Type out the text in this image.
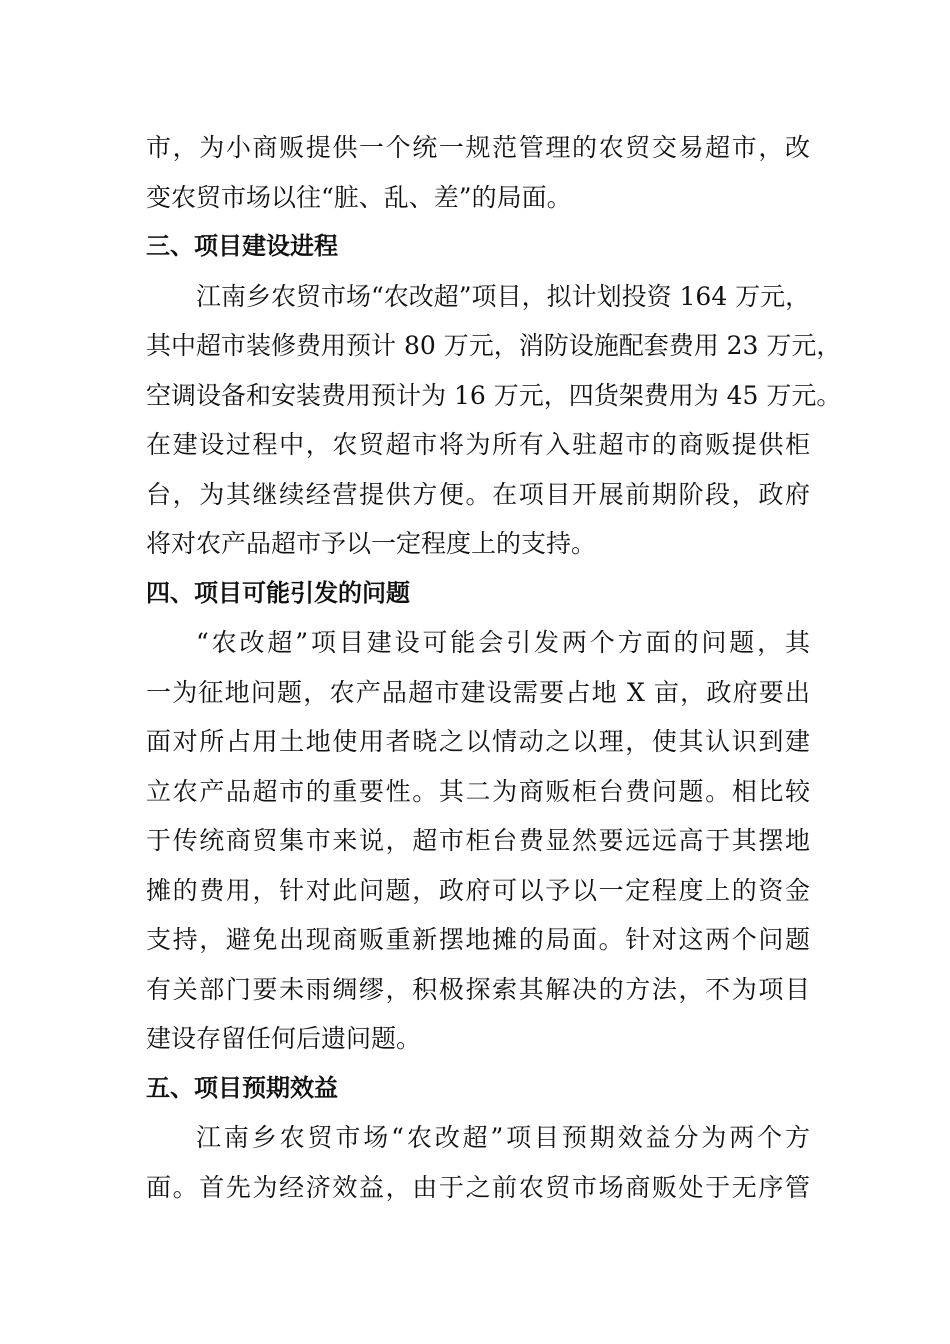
市，为小商贩提供一个统一规范管理的农贸交易超市，改
变农贸市场以往“脏、乱、差”的局面。
三、项目建设进程
江南乡农贸市场“农改超”项目，拟计划投资 164 万元，
其中超市装修费用预计 80 万元，消防设施配套费用 23 万元，
空调设备和安装费用预计为 16 万元，四货架费用为 45 万元。
在建设过程中，农贸超市将为所有入驻超市的商贩提供柜
台，为其继续经营提供方便。在项目开展前期阶段，政府
将对农产品超市予以一定程度上的支持。
四、项目可能引发的问题
“农改超”项目建设可能会引发两个方面的问题，其
一为征地问题，农产品超市建设需要占地 X 亩，政府要出
面对所占用土地使用者晓之以情动之以理，使其认识到建
立农产品超市的重要性。其二为商贩柜台费问题。相比较
于传统商贸集市来说，超市柜台费显然要远远高于其摆地
摊的费用，针对此问题，政府可以予以一定程度上的资金
支持，避免出现商贩重新摆地摊的局面。针对这两个问题
有关部门要未雨绸缪，积极探索其解决的方法，不为项目
建设存留任何后遗问题。
五、项目预期效益
江南乡农贸市场“农改超”项目预期效益分为两个方
面。首先为经济效益，由于之前农贸市场商贩处于无序管
